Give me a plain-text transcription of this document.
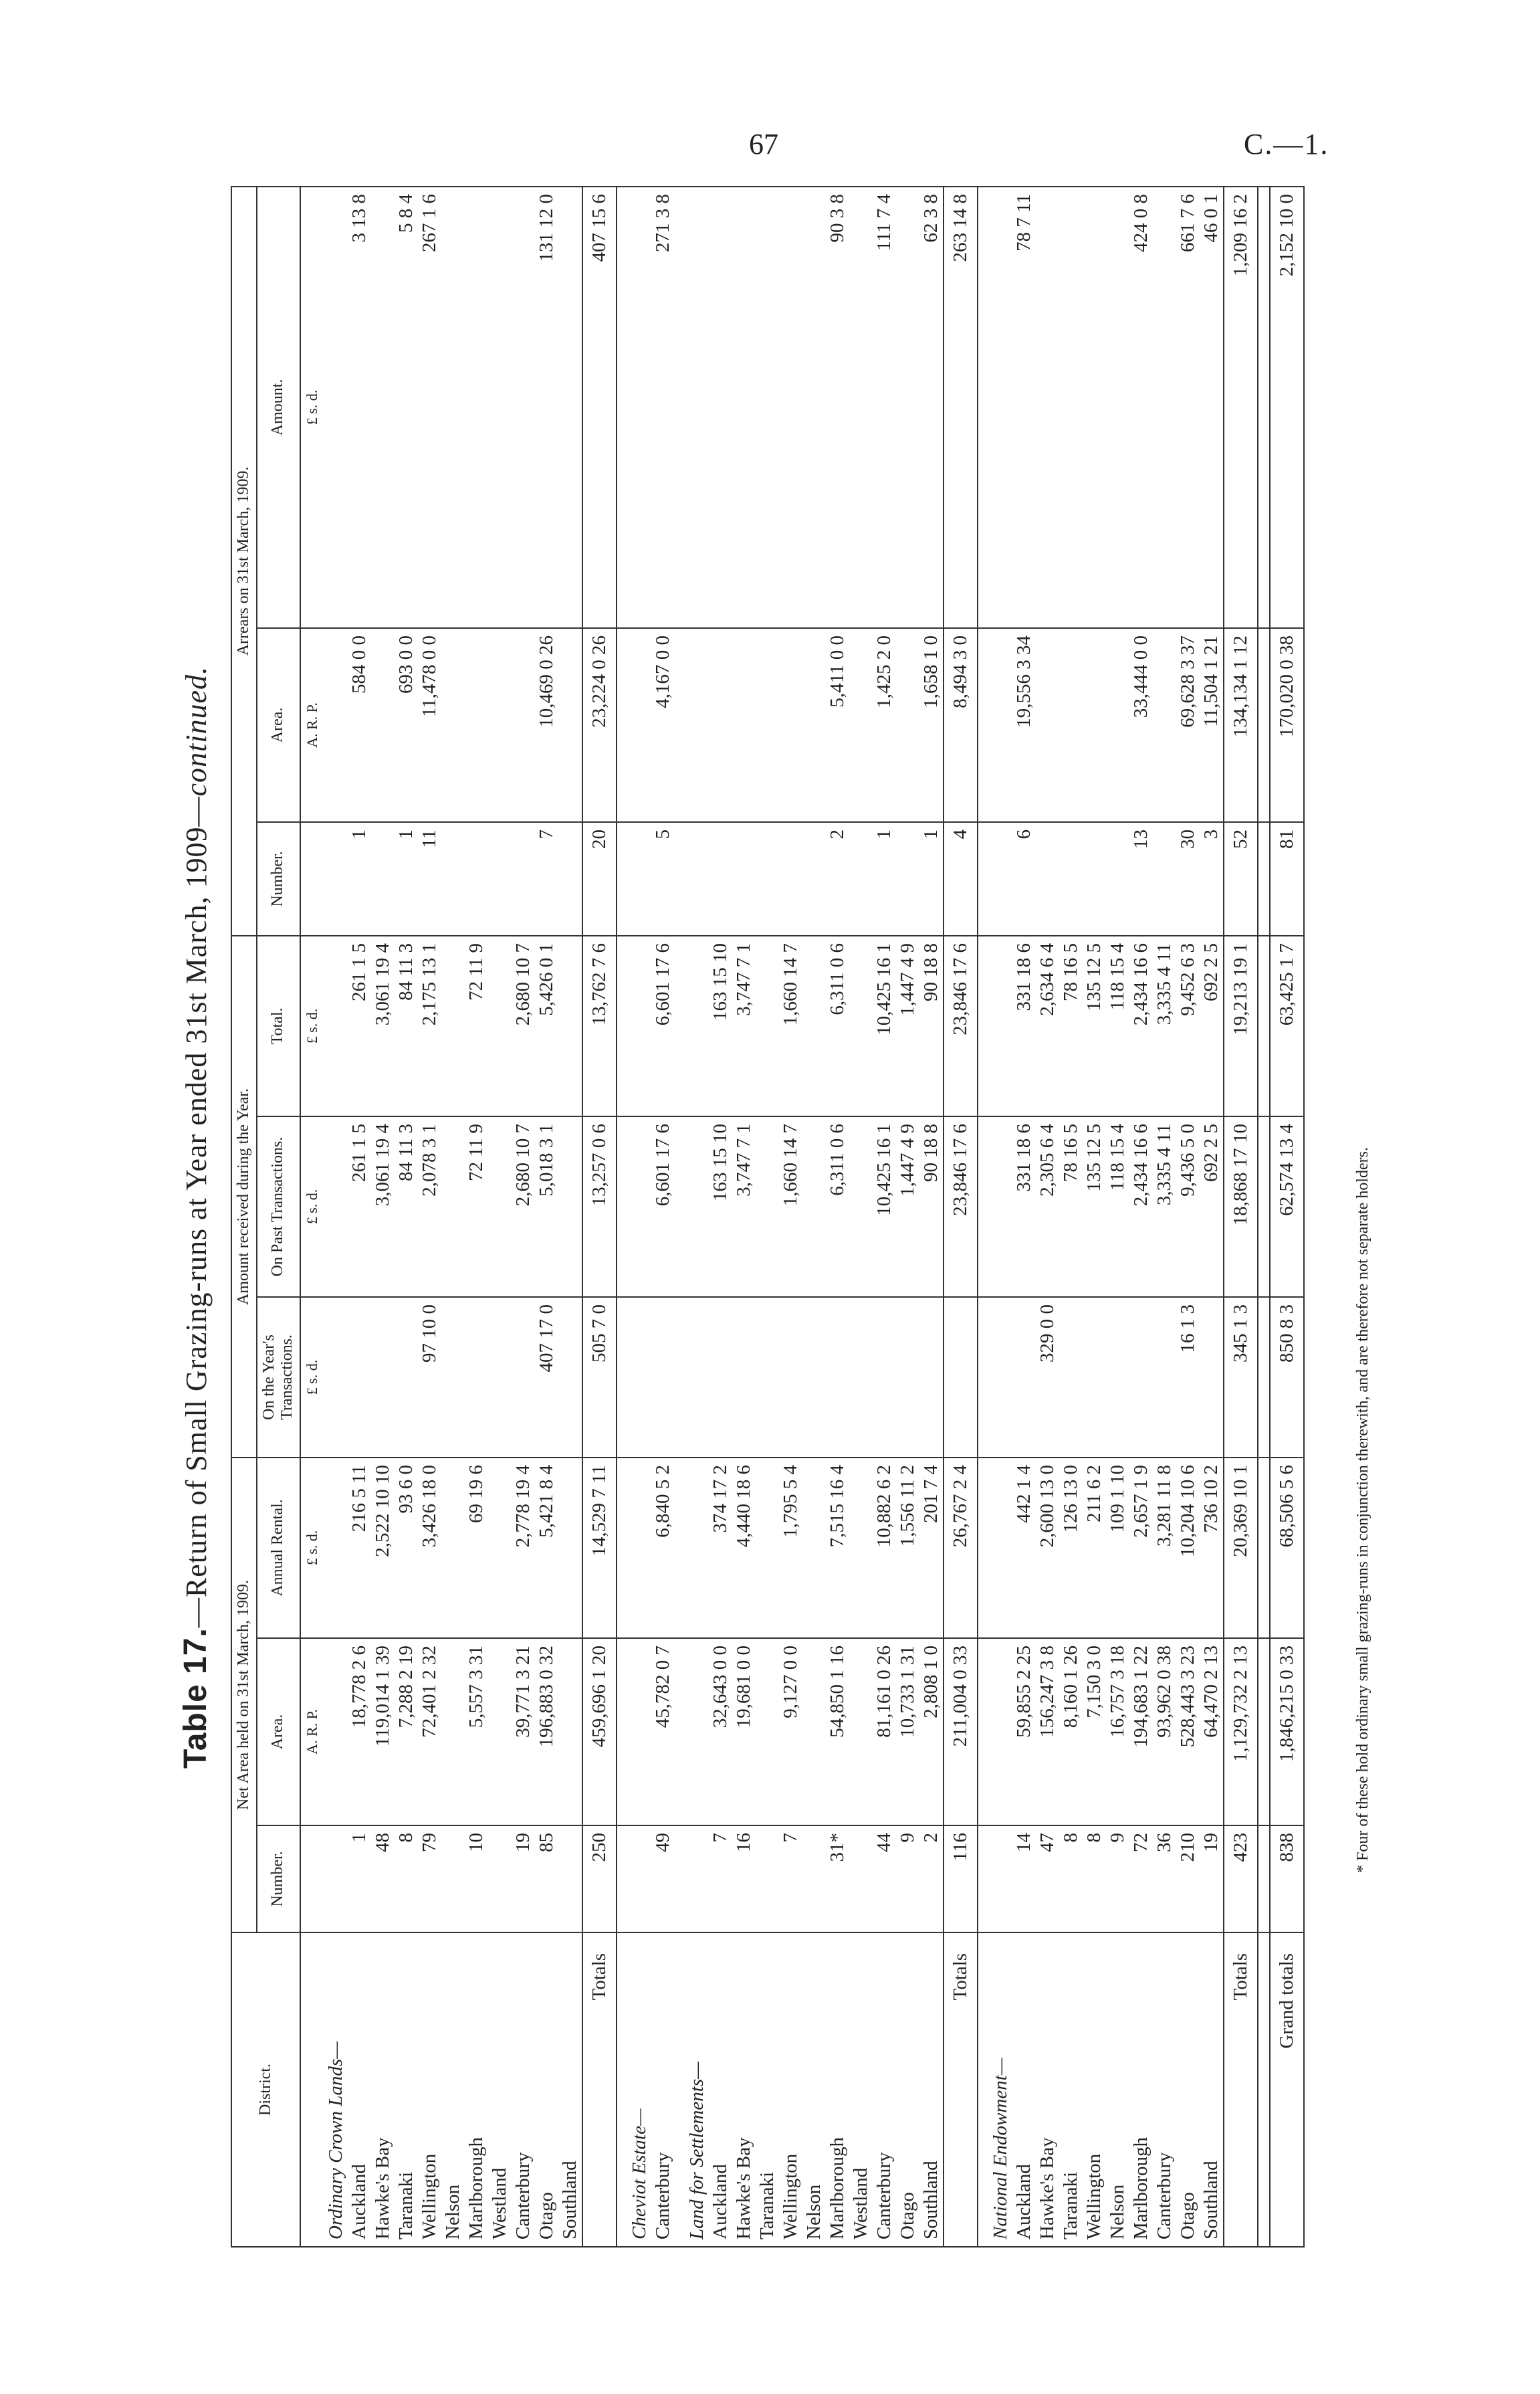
67	C.—1.
Table 17.—Return of Small Grazing-runs at Year ended 31st March, 1909—continued.
District.	Net Area held on 31st March, 1909.			Amount received during the Year.			Arrears on 31st March, 1909.		
	Number.	Area.	Annual Rental.	On the Year's Transactions.	On Past Transactions.	Total.	Number.	Area.	Amount.
		A. R. P.	£ s. d.	£ s. d.	£ s. d.	£ s. d.		A. R. P.	£ s. d.
Ordinary Crown Lands—									
Auckland	1	18,778 2 6	216 5 11		261 1 5	261 1 5	1	584 0 0	3 13 8
Hawke's Bay	48	119,014 1 39	2,522 10 10		3,061 19 4	3,061 19 4			
Taranaki	8	7,288 2 19	93 6 0		84 11 3	84 11 3	1	693 0 0	5 8 4
Wellington	79	72,401 2 32	3,426 18 0	97 10 0	2,078 3 1	2,175 13 1	11	11,478 0 0	267 1 6
Nelson									
Marlborough	10	5,557 3 31	69 19 6		72 11 9	72 11 9			
Westland									
Canterbury	19	39,771 3 21	2,778 19 4		2,680 10 7	2,680 10 7			
Otago	85	196,883 0 32	5,421 8 4	407 17 0	5,018 3 1	5,426 0 1	7	10,469 0 26	131 12 0
Southland									
Totals	250	459,696 1 20	14,529 7 11	505 7 0	13,257 0 6	13,762 7 6	20	23,224 0 26	407 15 6

Cheviot Estate—									
Canterbury	49	45,782 0 7	6,840 5 2		6,601 17 6	6,601 17 6	5	4,167 0 0	271 3 8

Land for Settlements—									
Auckland	7	32,643 0 0	374 17 2		163 15 10	163 15 10			
Hawke's Bay	16	19,681 0 0	4,440 18 6		3,747 7 1	3,747 7 1			
Taranaki									
Wellington	7	9,127 0 0	1,795 5 4		1,660 14 7	1,660 14 7			
Nelson									
Marlborough	31*	54,850 1 16	7,515 16 4		6,311 0 6	6,311 0 6	2	5,411 0 0	90 3 8
Westland									
Canterbury	44	81,161 0 26	10,882 6 2		10,425 16 1	10,425 16 1	1	1,425 2 0	111 7 4
Otago	9	10,733 1 31	1,556 11 2		1,447 4 9	1,447 4 9			
Southland	2	2,808 1 0	201 7 4		90 18 8	90 18 8	1	1,658 1 0	62 3 8
Totals	116	211,004 0 33	26,767 2 4		23,846 17 6	23,846 17 6	4	8,494 3 0	263 14 8

National Endowment—									
Auckland	14	59,855 2 25	442 1 4		331 18 6	331 18 6	6	19,556 3 34	78 7 11
Hawke's Bay	47	156,247 3 8	2,600 13 0	329 0 0	2,305 6 4	2,634 6 4			
Taranaki	8	8,160 1 26	126 13 0		78 16 5	78 16 5			
Wellington	8	7,150 3 0	211 6 2		135 12 5	135 12 5			
Nelson	9	16,757 3 18	109 1 10		118 15 4	118 15 4			
Marlborough	72	194,683 1 22	2,657 1 9		2,434 16 6	2,434 16 6	13	33,444 0 0	424 0 8
Canterbury	36	93,962 0 38	3,281 11 8		3,335 4 11	3,335 4 11			
Otago	210	528,443 3 23	10,204 10 6	16 1 3	9,436 5 0	9,452 6 3	30	69,628 3 37	661 7 6
Southland	19	64,470 2 13	736 10 2		692 2 5	692 2 5	3	11,504 1 21	46 0 1
Totals	423	1,129,732 2 13	20,369 10 1	345 1 3	18,868 17 10	19,213 19 1	52	134,134 1 12	1,209 16 2

Grand totals	838	1,846,215 0 33	68,506 5 6	850 8 3	62,574 13 4	63,425 1 7	81	170,020 0 38	2,152 10 0
* Four of these hold ordinary small grazing-runs in conjunction therewith, and are therefore not separate holders.
